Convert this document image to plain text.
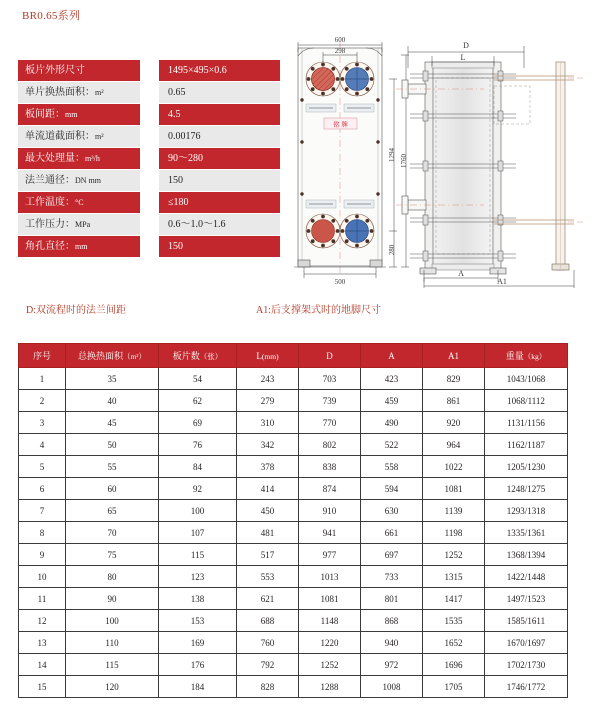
BR0.65系列
板片外形尺寸	1495×495×0.6
单片换热面积：m²	0.65
板间距：mm	4.5
单流道截面积：m²	0.00176
最大处理量：m³/h	90～280
法兰通径：DN mm	150
工作温度：°C	≤180
工作压力：MPa	0.6～1.0～1.6
角孔直径：mm	150
铭 牌
600
298
1294 1760
280
500
D
L
A
A1
D:双流程时的法兰间距	A1:后支撑架式时的地脚尺寸
序号	总换热面积（m²）	板片数（张）	L(mm)	D	A	A1	重量（kg）
1	35	54	243	703	423	829	1043/1068
2	40	62	279	739	459	861	1068/1112
3	45	69	310	770	490	920	1131/1156
4	50	76	342	802	522	964	1162/1187
5	55	84	378	838	558	1022	1205/1230
6	60	92	414	874	594	1081	1248/1275
7	65	100	450	910	630	1139	1293/1318
8	70	107	481	941	661	1198	1335/1361
9	75	115	517	977	697	1252	1368/1394
10	80	123	553	1013	733	1315	1422/1448
11	90	138	621	1081	801	1417	1497/1523
12	100	153	688	1148	868	1535	1585/1611
13	110	169	760	1220	940	1652	1670/1697
14	115	176	792	1252	972	1696	1702/1730
15	120	184	828	1288	1008	1705	1746/1772
